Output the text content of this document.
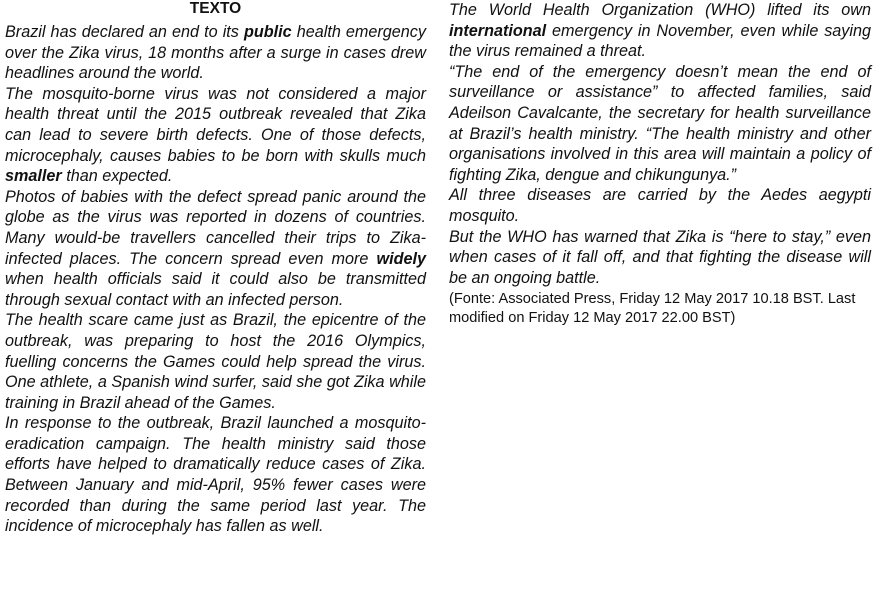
TEXTO

Brazil has declared an end to its public health emergency over the Zika virus, 18 months after a surge in cases drew headlines around the world.

The mosquito-borne virus was not considered a major health threat until the 2015 outbreak revealed that Zika can lead to severe birth defects. One of those defects, microcephaly, causes babies to be born with skulls much smaller than expected.

Photos of babies with the defect spread panic around the globe as the virus was reported in dozens of countries. Many would-be travellers cancelled their trips to Zika-infected places. The concern spread even more widely when health officials said it could also be transmitted through sexual contact with an infected person.

The health scare came just as Brazil, the epicentre of the outbreak, was preparing to host the 2016 Olympics, fuelling concerns the Games could help spread the virus. One athlete, a Spanish wind surfer, said she got Zika while training in Brazil ahead of the Games.

In response to the outbreak, Brazil launched a mosquito-eradication campaign. The health ministry said those efforts have helped to dramatically reduce cases of Zika. Between January and mid-April, 95% fewer cases were recorded than during the same period last year. The incidence of microcephaly has fallen as well.

The World Health Organization (WHO) lifted its own international emergency in November, even while saying the virus remained a threat.

“The end of the emergency doesn’t mean the end of surveillance or assistance” to affected families, said Adeilson Cavalcante, the secretary for health surveillance at Brazil’s health ministry. “The health ministry and other organisations involved in this area will maintain a policy of fighting Zika, dengue and chikungunya.”

All three diseases are carried by the Aedes aegypti mosquito.

But the WHO has warned that Zika is “here to stay,” even when cases of it fall off, and that fighting the disease will be an ongoing battle.

(Fonte: Associated Press, Friday 12 May 2017 10.18 BST. Last modified on Friday 12 May 2017 22.00 BST)
